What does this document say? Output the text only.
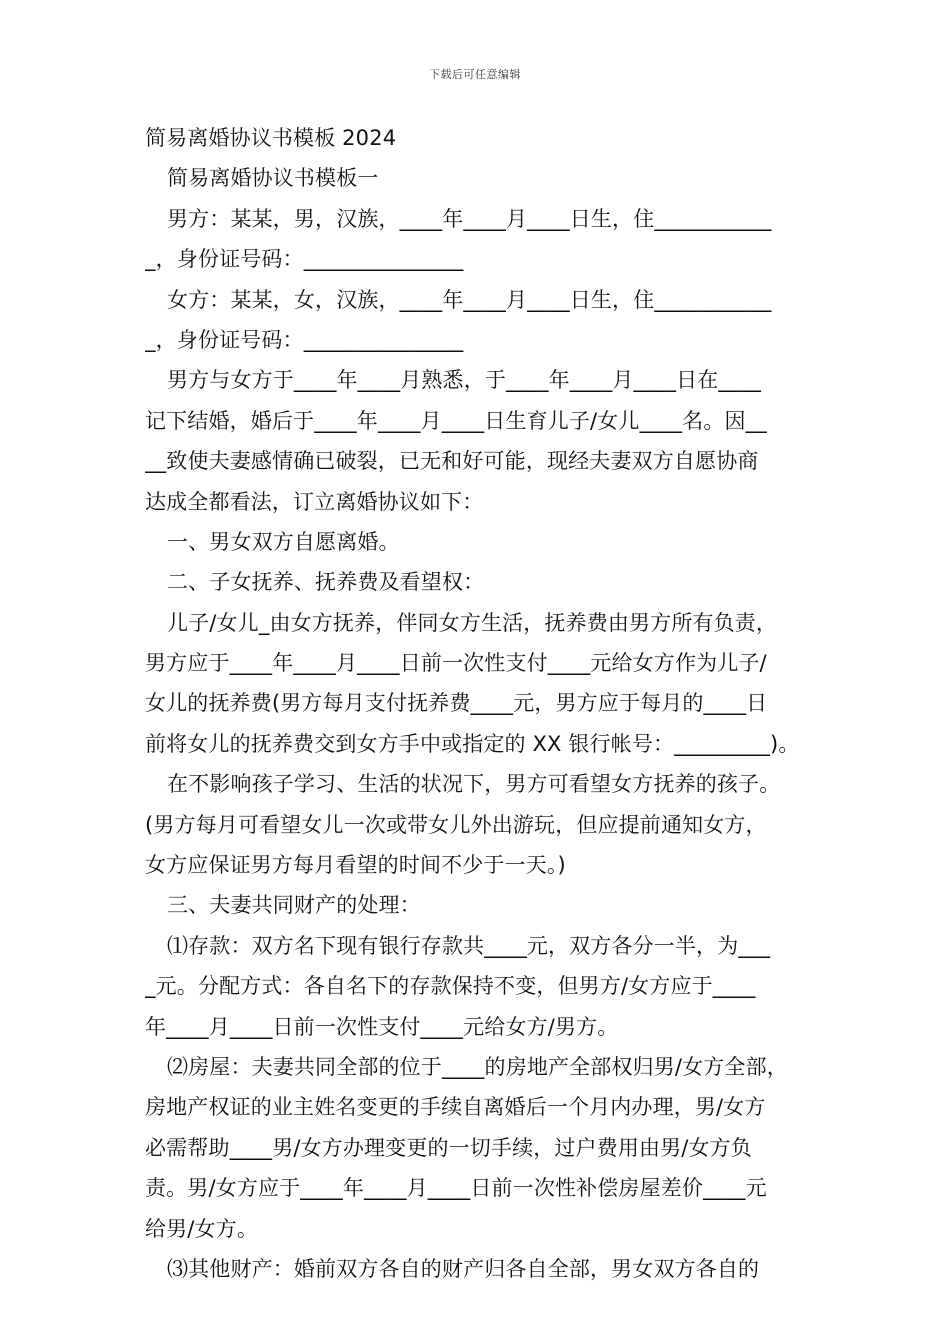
下载后可任意编辑
简易离婚协议书模板 2024
简易离婚协议书模板一
男方：某某，男，汉族，____年____月____日生，住___________
_，身份证号码：_______________
女方：某某，女，汉族，____年____月____日生，住___________
_，身份证号码：_______________
男方与女方于____年____月熟悉，于____年____月____日在____
记下结婚，婚后于____年____月____日生育儿子/女儿____名。因__
__致使夫妻感情确已破裂，已无和好可能，现经夫妻双方自愿协商
达成全都看法，订立离婚协议如下：
一、男女双方自愿离婚。
二、子女抚养、抚养费及看望权：
儿子/女儿_由女方抚养，伴同女方生活，抚养费由男方所有负责，
男方应于____年____月____日前一次性支付____元给女方作为儿子/
女儿的抚养费(男方每月支付抚养费____元，男方应于每月的____日
前将女儿的抚养费交到女方手中或指定的 XX 银行帐号：_________)。
在不影响孩子学习、生活的状况下，男方可看望女方抚养的孩子。
(男方每月可看望女儿一次或带女儿外出游玩，但应提前通知女方，
女方应保证男方每月看望的时间不少于一天。)
三、夫妻共同财产的处理：
⑴存款：双方名下现有银行存款共____元，双方各分一半，为___
_元。分配方式：各自名下的存款保持不变，但男方/女方应于____
年____月____日前一次性支付____元给女方/男方。
⑵房屋：夫妻共同全部的位于____的房地产全部权归男/女方全部，
房地产权证的业主姓名变更的手续自离婚后一个月内办理，男/女方
必需帮助____男/女方办理变更的一切手续，过户费用由男/女方负
责。男/女方应于____年____月____日前一次性补偿房屋差价____元
给男/女方。
⑶其他财产：婚前双方各自的财产归各自全部，男女双方各自的
